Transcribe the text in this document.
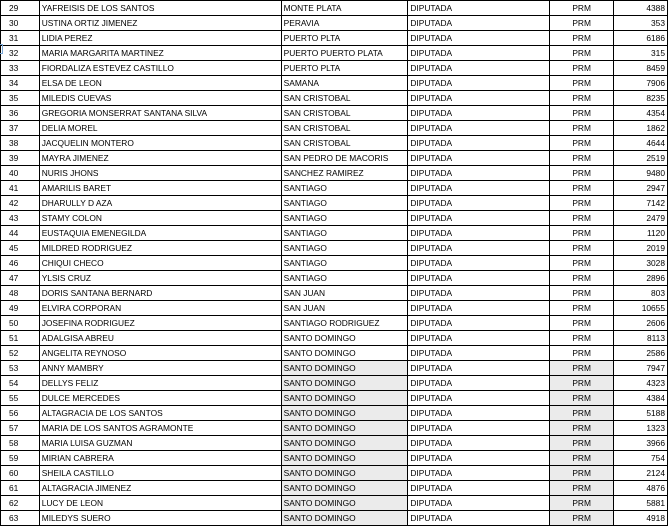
29	YAFREISIS DE LOS SANTOS	MONTE PLATA	DIPUTADA	PRM	4388
30	USTINA ORTIZ JIMENEZ	PERAVIA	DIPUTADA	PRM	353
31	LIDIA PEREZ	PUERTO PLTA	DIPUTADA	PRM	6186
32	MARIA MARGARITA MARTINEZ	PUERTO PUERTO PLATA	DIPUTADA	PRM	315
33	FIORDALIZA ESTEVEZ CASTILLO	PUERTO PLTA	DIPUTADA	PRM	8459
34	ELSA DE LEON	SAMANA	DIPUTADA	PRM	7906
35	MILEDIS CUEVAS	SAN CRISTOBAL	DIPUTADA	PRM	8235
36	GREGORIA MONSERRAT SANTANA SILVA	SAN CRISTOBAL	DIPUTADA	PRM	4354
37	DELIA MOREL	SAN CRISTOBAL	DIPUTADA	PRM	1862
38	JACQUELIN MONTERO	SAN CRISTOBAL	DIPUTADA	PRM	4644
39	MAYRA JIMENEZ	SAN PEDRO DE MACORIS	DIPUTADA	PRM	2519
40	NURIS JHONS	SANCHEZ RAMIREZ	DIPUTADA	PRM	9480
41	AMARILIS BARET	SANTIAGO	DIPUTADA	PRM	2947
42	DHARULLY D AZA	SANTIAGO	DIPUTADA	PRM	7142
43	STAMY COLON	SANTIAGO	DIPUTADA	PRM	2479
44	EUSTAQUIA EMENEGILDA	SANTIAGO	DIPUTADA	PRM	1120
45	MILDRED RODRIGUEZ	SANTIAGO	DIPUTADA	PRM	2019
46	CHIQUI CHECO	SANTIAGO	DIPUTADA	PRM	3028
47	YLSIS CRUZ	SANTIAGO	DIPUTADA	PRM	2896
48	DORIS SANTANA BERNARD	SAN JUAN	DIPUTADA	PRM	803
49	ELVIRA CORPORAN	SAN JUAN	DIPUTADA	PRM	10655
50	JOSEFINA RODRIGUEZ	SANTIAGO RODRIGUEZ	DIPUTADA	PRM	2606
51	ADALGISA ABREU	SANTO DOMINGO	DIPUTADA	PRM	8113
52	ANGELITA REYNOSO	SANTO DOMINGO	DIPUTADA	PRM	2586
53	ANNY MAMBRY	SANTO DOMINGO	DIPUTADA	PRM	7947
54	DELLYS FELIZ	SANTO DOMINGO	DIPUTADA	PRM	4323
55	DULCE MERCEDES	SANTO DOMINGO	DIPUTADA	PRM	4384
56	ALTAGRACIA DE LOS SANTOS	SANTO DOMINGO	DIPUTADA	PRM	5188
57	MARIA DE LOS SANTOS AGRAMONTE	SANTO DOMINGO	DIPUTADA	PRM	1323
58	MARIA LUISA GUZMAN	SANTO DOMINGO	DIPUTADA	PRM	3966
59	MIRIAN CABRERA	SANTO DOMINGO	DIPUTADA	PRM	754
60	SHEILA CASTILLO	SANTO DOMINGO	DIPUTADA	PRM	2124
61	ALTAGRACIA JIMENEZ	SANTO DOMINGO	DIPUTADA	PRM	4876
62	LUCY DE LEON	SANTO DOMINGO	DIPUTADA	PRM	5881
63	MILEDYS SUERO	SANTO DOMINGO	DIPUTADA	PRM	4918
